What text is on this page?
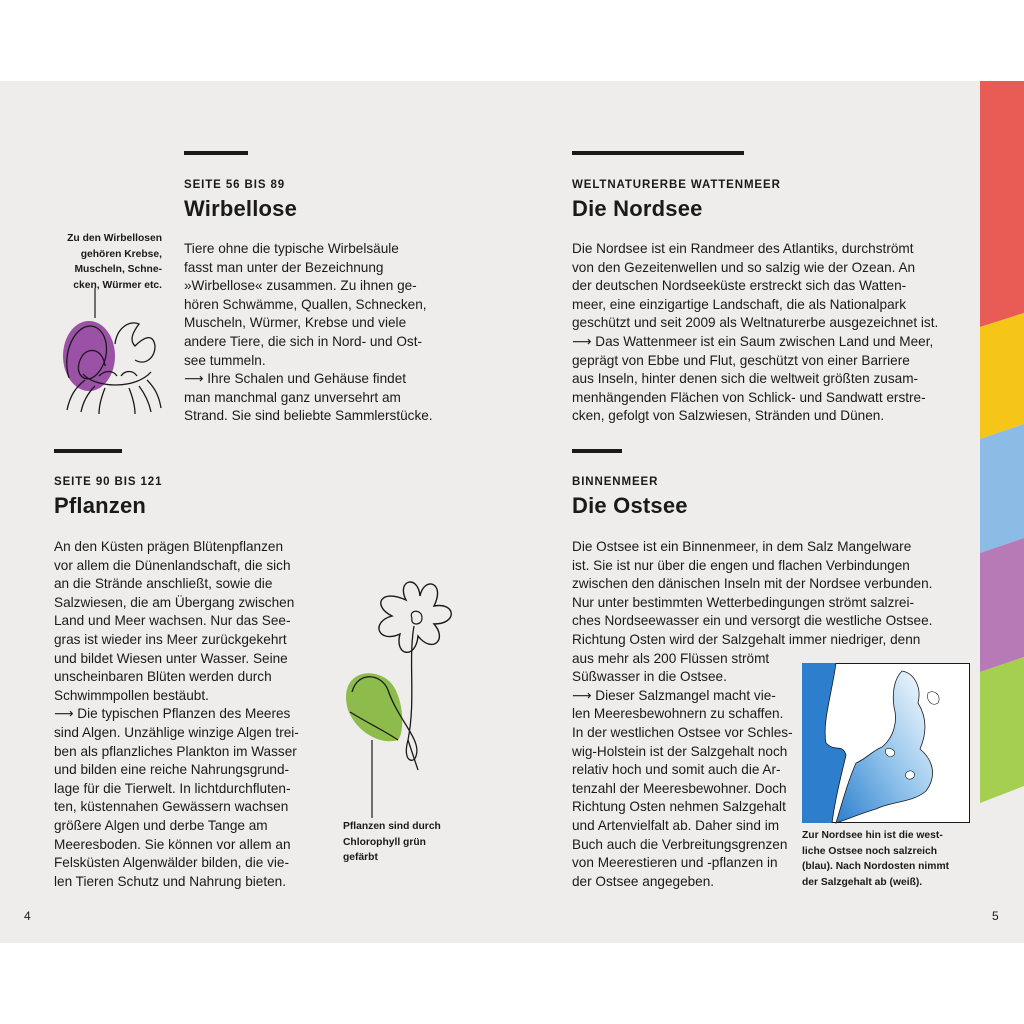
SEITE 56 BIS 89
Wirbellose
Tiere ohne die typische Wirbelsäule
fasst man unter der Bezeichnung
»Wirbellose« zusammen. Zu ihnen ge-
hören Schwämme, Quallen, Schnecken,
Muscheln, Würmer, Krebse und viele
andere Tiere, die sich in Nord- und Ost-
see tummeln.
⟶ Ihre Schalen und Gehäuse findet
man manchmal ganz unversehrt am
Strand. Sie sind beliebte Sammlerstücke.
Zu den Wirbellosen
gehören Krebse,
Muscheln, Schne-
cken, Würmer etc.
SEITE 90 BIS 121
Pflanzen
An den Küsten prägen Blütenpflanzen
vor allem die Dünenlandschaft, die sich
an die Strände anschließt, sowie die
Salzwiesen, die am Übergang zwischen
Land und Meer wachsen. Nur das See-
gras ist wieder ins Meer zurückgekehrt
und bildet Wiesen unter Wasser. Seine
unscheinbaren Blüten werden durch
Schwimmpollen bestäubt.
⟶ Die typischen Pflanzen des Meeres
sind Algen. Unzählige winzige Algen trei-
ben als pflanzliches Plankton im Wasser
und bilden eine reiche Nahrungsgrund-
lage für die Tierwelt. In lichtdurchfluten-
ten, küstennahen Gewässern wachsen
größere Algen und derbe Tange am
Meeresboden. Sie können vor allem an
Felsküsten Algenwälder bilden, die vie-
len Tieren Schutz und Nahrung bieten.
Pflanzen sind durch
Chlorophyll grün
gefärbt
4
WELTNATURERBE WATTENMEER
Die Nordsee
Die Nordsee ist ein Randmeer des Atlantiks, durchströmt
von den Gezeitenwellen und so salzig wie der Ozean. An
der deutschen Nordseeküste erstreckt sich das Watten-
meer, eine einzigartige Landschaft, die als Nationalpark
geschützt und seit 2009 als Weltnaturerbe ausgezeichnet ist.
⟶ Das Wattenmeer ist ein Saum zwischen Land und Meer,
geprägt von Ebbe und Flut, geschützt von einer Barriere
aus Inseln, hinter denen sich die weltweit größten zusam-
menhängenden Flächen von Schlick- und Sandwatt erstre-
cken, gefolgt von Salzwiesen, Stränden und Dünen.
BINNENMEER
Die Ostsee
Die Ostsee ist ein Binnenmeer, in dem Salz Mangelware
ist. Sie ist nur über die engen und flachen Verbindungen
zwischen den dänischen Inseln mit der Nordsee verbunden.
Nur unter bestimmten Wetterbedingungen strömt salzrei-
ches Nordseewasser ein und versorgt die westliche Ostsee.
Richtung Osten wird der Salzgehalt immer niedriger, denn
aus mehr als 200 Flüssen strömt
Süßwasser in die Ostsee.
⟶ Dieser Salzmangel macht vie-
len Meeresbewohnern zu schaffen.
In der westlichen Ostsee vor Schles-
wig-Holstein ist der Salzgehalt noch
relativ hoch und somit auch die Ar-
tenzahl der Meeresbewohner. Doch
Richtung Osten nehmen Salzgehalt
und Artenvielfalt ab. Daher sind im
Buch auch die Verbreitungsgrenzen
von Meerestieren und -pflanzen in
der Ostsee angegeben.
Zur Nordsee hin ist die west-
liche Ostsee noch salzreich
(blau). Nach Nordosten nimmt
der Salzgehalt ab (weiß).
5
